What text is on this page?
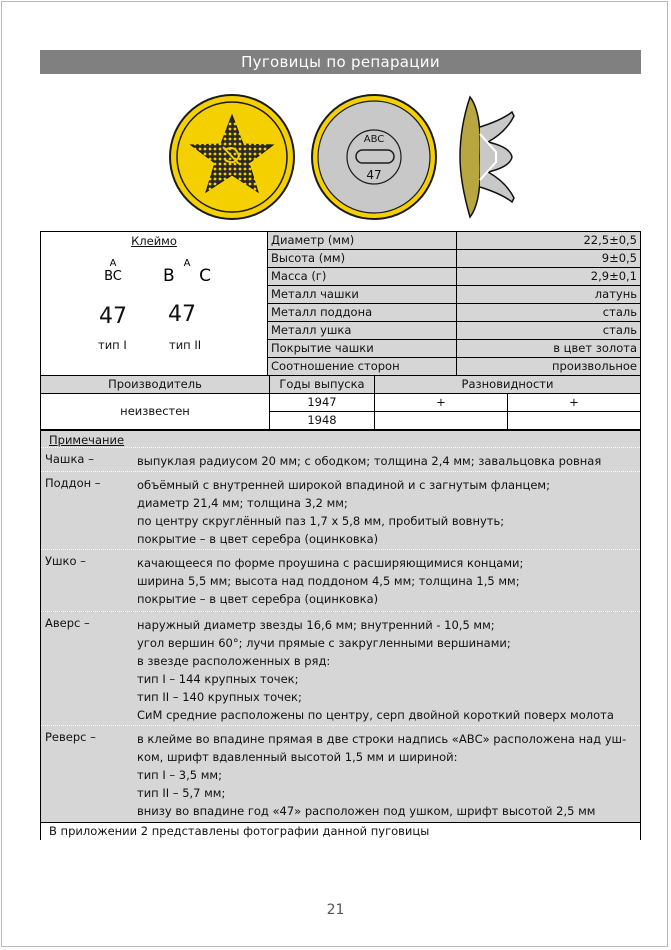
Пуговицы по репарации
ABC
47
Клеймо
A
BC
A
BC
47 47
тип I	тип II
Диаметр (мм)	22,5±0,5
Высота (мм)	9±0,5
Масса (г)	2,9±0,1
Металл чашки	латунь
Металл поддона	сталь
Металл ушка	сталь
Покрытие чашки	в цвет золота
Соотношение сторон	произвольное
Производитель	Годы выпуска	Разновидности	
неизвестен	1947	+	+
	1948		
Примечание
Чашка –	выпуклая радиусом 20 мм; с ободком; толщина 2,4 мм; завальцовка ровная
Поддон –	объёмный с внутренней широкой впадиной и с загнутым фланцем;
диаметр 21,4 мм; толщина 3,2 мм;
по центру скруглённый паз 1,7 х 5,8 мм, пробитый вовнуть;
покрытие – в цвет серебра (оцинковка)
Ушко –	качающееся по форме проушина с расширяющимися концами;
ширина 5,5 мм; высота над поддоном 4,5 мм; толщина 1,5 мм;
покрытие – в цвет серебра (оцинковка)
Аверс –	наружный диаметр звезды 16,6 мм; внутренний - 10,5 мм;
угол вершин 60°; лучи прямые с закругленными вершинами;
в звезде расположенных в ряд:
тип I – 144 крупных точек;
тип II – 140 крупных точек;
СиМ средние расположены по центру, серп двойной короткий поверх молота
Реверс –	в клейме во впадине прямая в две строки надпись «АВС» расположена над уш-
ком, шрифт вдавленный высотой 1,5 мм и шириной:
тип I – 3,5 мм;
тип II – 5,7 мм;
внизу во впадине год «47» расположен под ушком, шрифт высотой 2,5 мм
В приложении 2 представлены фотографии данной пуговицы
21
